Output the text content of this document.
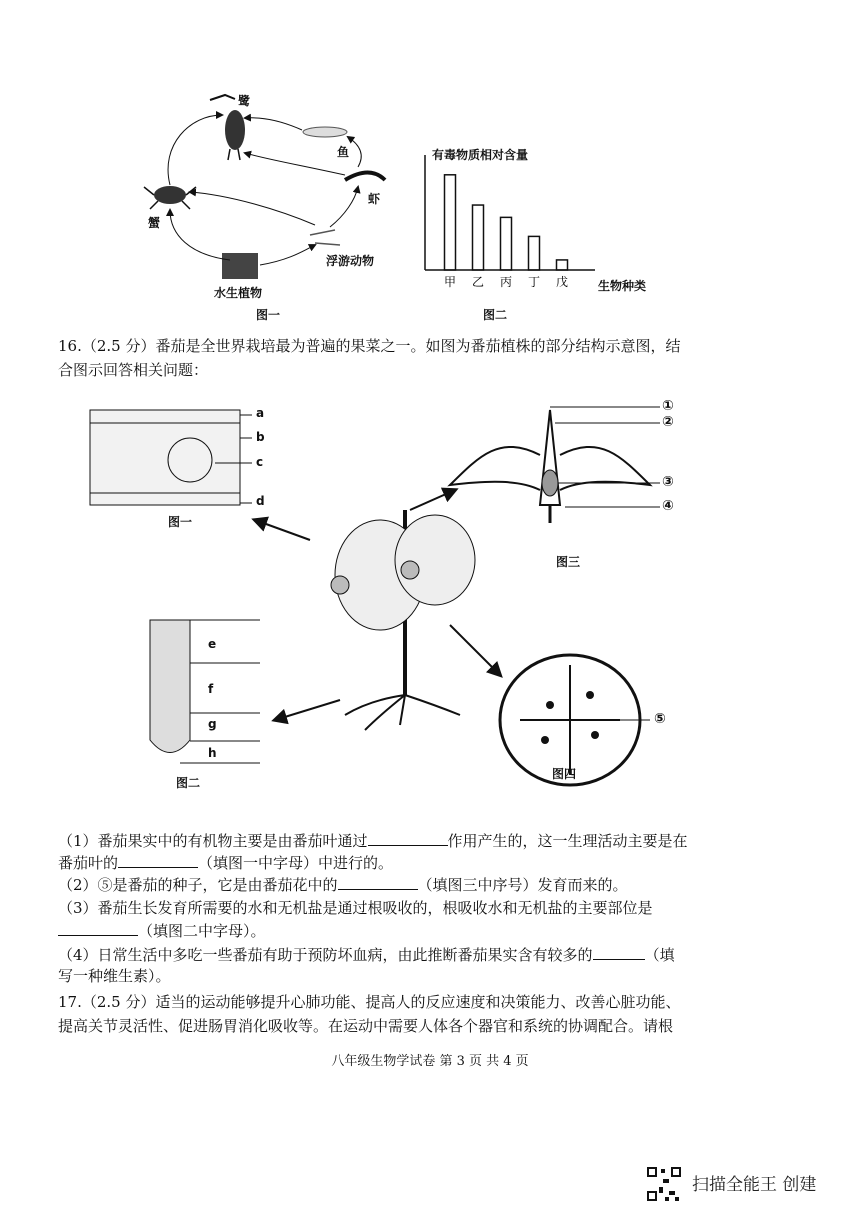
鹭
鱼
虾
蟹
浮游动物
水生植物
图一
甲 乙 丙 丁 戊
有毒物质相对含量
生物种类
图二
16.（2.5 分）番茄是全世界栽培最为普遍的果菜之一。如图为番茄植株的部分结构示意图，结
合图示回答相关问题：
a
b
c
d
图一
①
②
③
④
图三
e
f
g
h
图二
⑤
图四
（1）番茄果实中的有机物主要是由番茄叶通过	作用产生的，这一生理活动主要是在
番茄叶的	（填图一中字母）中进行的。
（2）⑤是番茄的种子，它是由番茄花中的	（填图三中序号）发育而来的。
（3）番茄生长发育所需要的水和无机盐是通过根吸收的，根吸收水和无机盐的主要部位是
（填图二中字母）。
（4）日常生活中多吃一些番茄有助于预防坏血病，由此推断番茄果实含有较多的	（填
写一种维生素）。
17.（2.5 分）适当的运动能够提升心肺功能、提高人的反应速度和决策能力、改善心脏功能、
提高关节灵活性、促进肠胃消化吸收等。在运动中需要人体各个器官和系统的协调配合。请根
八年级生物学试卷 第 3 页 共 4 页
扫描全能王 创建
